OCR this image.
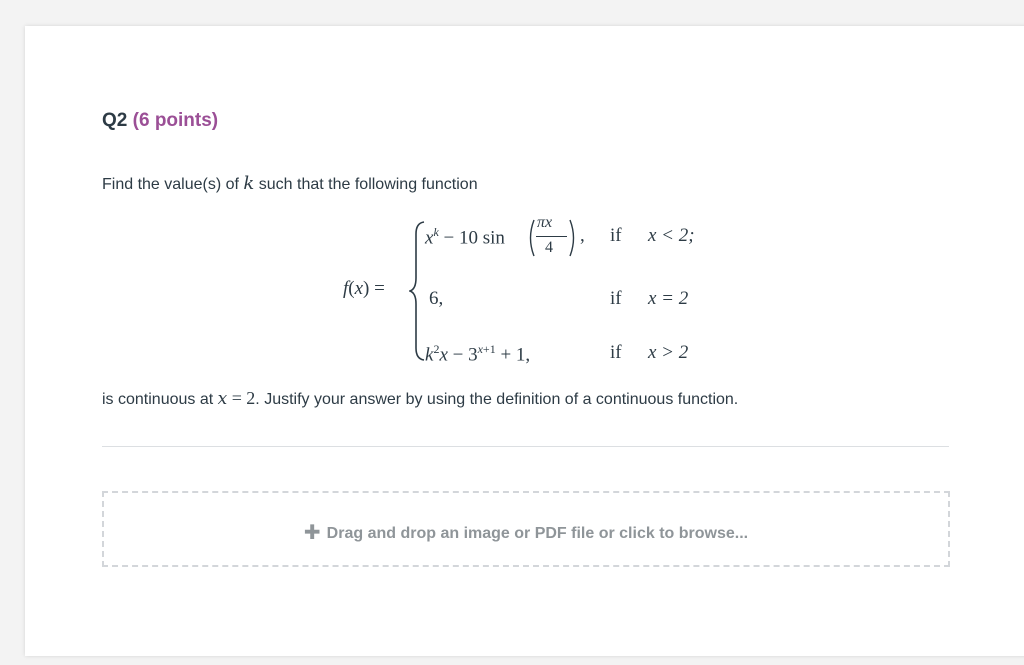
Q2 (6 points)
Find the value(s) of k such that the following function
f(x) =
$x^k - 10$ sin
πx
4
, if x < 2;
6,	if x = 2
$k^2x - 3^{x+1} + 1$,	if x > 2
is continuous at x = 2. Justify your answer by using the definition of a continuous function.
✚ Drag and drop an image or PDF file or click to browse...
